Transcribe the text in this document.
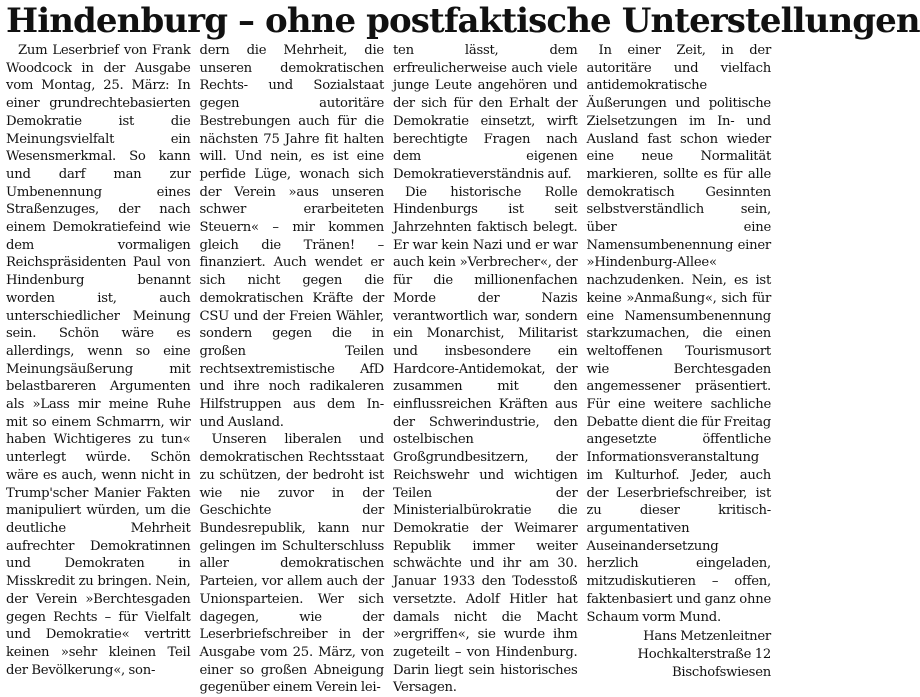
Hindenburg – ohne postfaktische Unterstellungen

Zum Leserbrief von Frank Woodcock in der Ausgabe vom Montag, 25. März: In einer grundrechtebasierten Demokratie ist die Meinungsvielfalt ein Wesensmerkmal. So kann und darf man zur Umbenennung eines Straßenzuges, der nach einem Demokratiefeind wie dem vormaligen Reichspräsidenten Paul von Hindenburg benannt worden ist, auch unterschiedlicher Meinung sein. Schön wäre es allerdings, wenn so eine Meinungsäußerung mit belastbareren Argumenten als »Lass mir meine Ruhe mit so einem Schmarrn, wir haben Wichtigeres zu tun« unterlegt würde. Schön wäre es auch, wenn nicht in Trump'scher Manier Fakten manipuliert würden, um die deutliche Mehrheit aufrechter Demokratinnen und Demokraten in Misskredit zu bringen. Nein, der Verein »Berchtesgaden gegen Rechts – für Vielfalt und Demokratie« vertritt keinen »sehr kleinen Teil der Bevölkerung«, son-

dern die Mehrheit, die unseren demokratischen Rechts- und Sozialstaat gegen autoritäre Bestrebungen auch für die nächsten 75 Jahre fit halten will. Und nein, es ist eine perfide Lüge, wonach sich der Verein »aus unseren schwer erarbeiteten Steuern« – mir kommen gleich die Tränen! – finanziert. Auch wendet er sich nicht gegen die demokratischen Kräfte der CSU und der Freien Wähler, sondern gegen die in großen Teilen rechtsextremistische AfD und ihre noch radikaleren Hilfstruppen aus dem In- und Ausland.

Unseren liberalen und demokratischen Rechtsstaat zu schützen, der bedroht ist wie nie zuvor in der Geschichte der Bundesrepublik, kann nur gelingen im Schulterschluss aller demokratischen Parteien, vor allem auch der Unionsparteien. Wer sich dagegen, wie der Leserbriefschreiber in der Ausgabe vom 25. März, von einer so großen Abneigung gegenüber einem Verein lei-

ten lässt, dem erfreulicherweise auch viele junge Leute angehören und der sich für den Erhalt der Demokratie einsetzt, wirft berechtigte Fragen nach dem eigenen Demokratieverständnis auf.

Die historische Rolle Hindenburgs ist seit Jahrzehnten faktisch belegt. Er war kein Nazi und er war auch kein »Verbrecher«, der für die millionenfachen Morde der Nazis verantwortlich war, sondern ein Monarchist, Militarist und insbesondere ein Hardcore-Antidemokat, der zusammen mit den einflussreichen Kräften aus der Schwerindustrie, den ostelbischen Großgrundbesitzern, der Reichswehr und wichtigen Teilen der Ministerialbürokratie die Demokratie der Weimarer Republik immer weiter schwächte und ihr am 30. Januar 1933 den Todesstoß versetzte. Adolf Hitler hat damals nicht die Macht »ergriffen«, sie wurde ihm zugeteilt – von Hindenburg. Darin liegt sein historisches Versagen.

In einer Zeit, in der autoritäre und vielfach antidemokratische Äußerungen und politische Zielsetzungen im In- und Ausland fast schon wieder eine neue Normalität markieren, sollte es für alle demokratisch Gesinnten selbstverständlich sein, über eine Namensumbenennung einer »Hindenburg-Allee« nachzudenken. Nein, es ist keine »Anmaßung«, sich für eine Namensumbenennung starkzumachen, die einen weltoffenen Tourismusort wie Berchtesgaden angemessener präsentiert. Für eine weitere sachliche Debatte dient die für Freitag angesetzte öffentliche Informationsveranstaltung im Kulturhof. Jeder, auch der Leserbriefschreiber, ist zu dieser kritisch-argumentativen Auseinandersetzung herzlich eingeladen, mitzudiskutieren – offen, faktenbasiert und ganz ohne Schaum vorm Mund.

Hans Metzenleitner
Hochkalterstraße 12
Bischofswiesen
